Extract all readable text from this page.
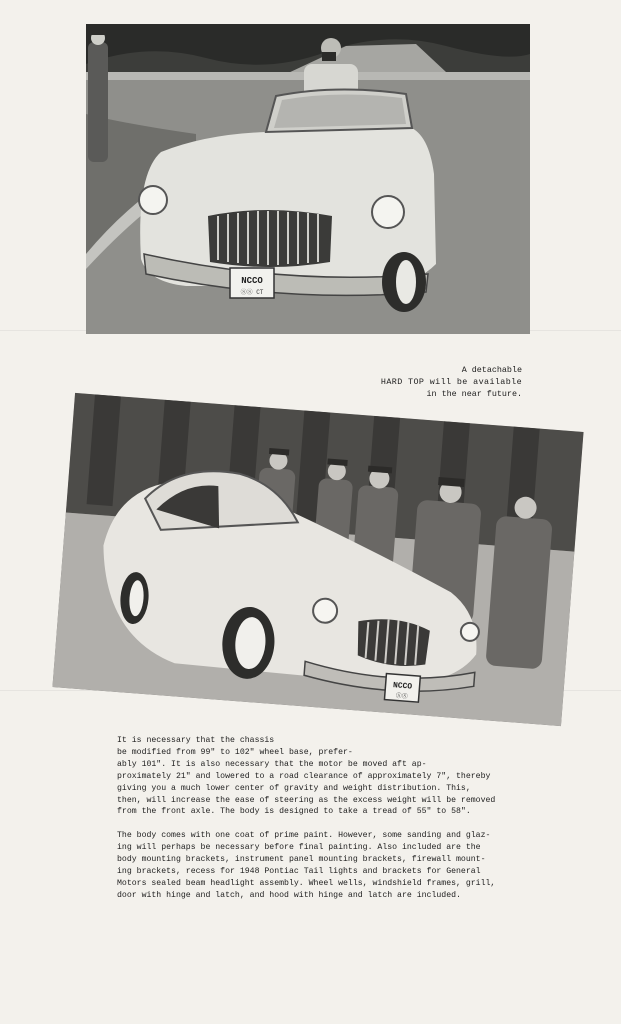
NCCO
ⓈⓈ CT
A detachable
HARD TOP will be available
in the near future.
NCCO
ⓈⓈ

It is necessary that the chassis
be modified from 99" to 102" wheel base, prefer-
ably 101". It is also necessary that the motor be moved aft ap-
proximately 21" and lowered to a road clearance of approximately 7", thereby
giving you a much lower center of gravity and weight distribution. This,
then, will increase the ease of steering as the excess weight will be removed
from the front axle. The body is designed to take a tread of 55" to 58".

The body comes with one coat of prime paint. However, some sanding and glaz-
ing will perhaps be necessary before final painting. Also included are the
body mounting brackets, instrument panel mounting brackets, firewall mount-
ing brackets, recess for 1948 Pontiac Tail lights and brackets for General
Motors sealed beam headlight assembly. Wheel wells, windshield frames, grill,
door with hinge and latch, and hood with hinge and latch are included.
